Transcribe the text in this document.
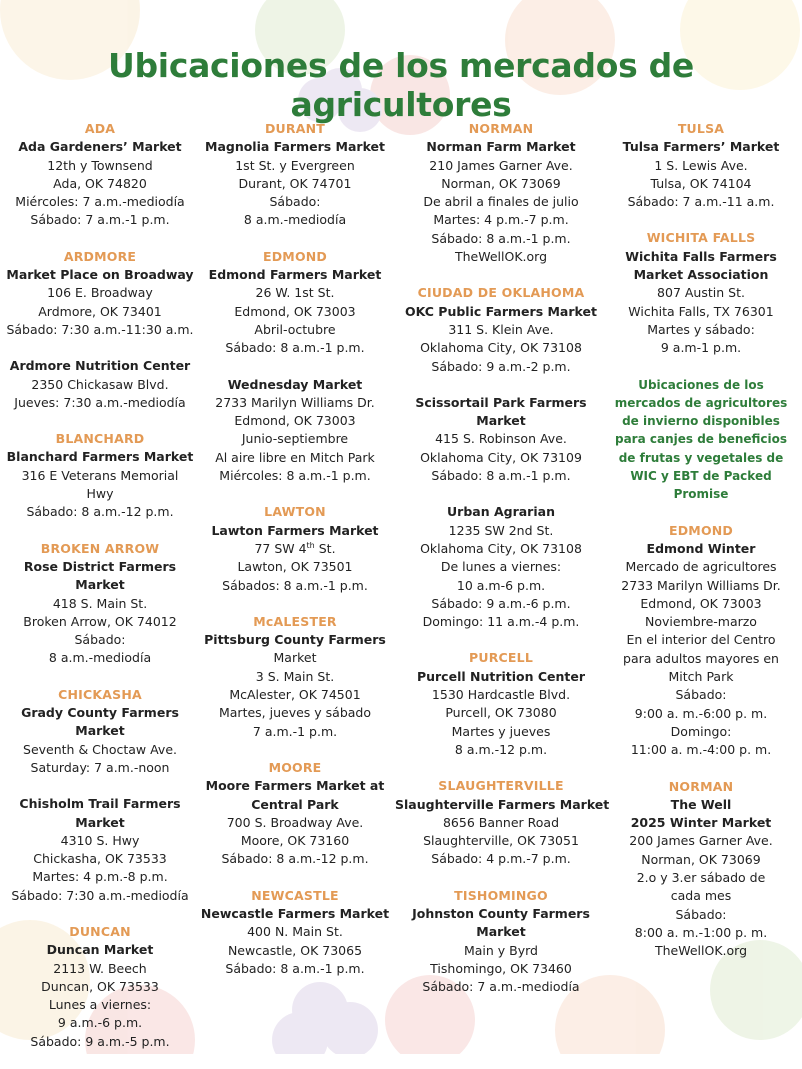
Ubicaciones de los mercados de agricultores
ADA
Ada Gardeners’ Market
12th y Townsend
Ada, OK 74820
Miércoles: 7 a.m.-mediodía
Sábado: 7 a.m.-1 p.m.
ARDMORE
Market Place on Broadway
106 E. Broadway
Ardmore, OK 73401
Sábado: 7:30 a.m.-11:30 a.m.
Ardmore Nutrition Center
2350 Chickasaw Blvd.
Jueves: 7:30 a.m.-mediodía
BLANCHARD
Blanchard Farmers Market
316 E Veterans Memorial
Hwy
Sábado: 8 a.m.-12 p.m.
BROKEN ARROW
Rose District Farmers
Market
418 S. Main St.
Broken Arrow, OK 74012
Sábado:
8 a.m.-mediodía
CHICKASHA
Grady County Farmers
Market
Seventh & Choctaw Ave.
Saturday: 7 a.m.-noon
Chisholm Trail Farmers
Market
4310 S. Hwy
Chickasha, OK 73533
Martes: 4 p.m.-8 p.m.
Sábado: 7:30 a.m.-mediodía
DUNCAN
Duncan Market
2113 W. Beech
Duncan, OK 73533
Lunes a viernes:
9 a.m.-6 p.m.
Sábado: 9 a.m.-5 p.m.
DURANT
Magnolia Farmers Market
1st St. y Evergreen
Durant, OK 74701
Sábado:
8 a.m.-mediodía
EDMOND
Edmond Farmers Market
26 W. 1st St.
Edmond, OK 73003
Abril-octubre
Sábado: 8 a.m.-1 p.m.
Wednesday Market
2733 Marilyn Williams Dr.
Edmond, OK 73003
Junio-septiembre
Al aire libre en Mitch Park
Miércoles: 8 a.m.-1 p.m.
LAWTON
Lawton Farmers Market
77 SW 4th St.
Lawton, OK 73501
Sábados: 8 a.m.-1 p.m.
McALESTER
Pittsburg County Farmers
Market
3 S. Main St.
McAlester, OK 74501
Martes, jueves y sábado
7 a.m.-1 p.m.
MOORE
Moore Farmers Market at
Central Park
700 S. Broadway Ave.
Moore, OK 73160
Sábado: 8 a.m.-12 p.m.
NEWCASTLE
Newcastle Farmers Market
400 N. Main St.
Newcastle, OK 73065
Sábado: 8 a.m.-1 p.m.
NORMAN
Norman Farm Market
210 James Garner Ave.
Norman, OK 73069
De abril a finales de julio
Martes: 4 p.m.-7 p.m.
Sábado: 8 a.m.-1 p.m.
TheWellOK.org
CIUDAD DE OKLAHOMA
OKC Public Farmers Market
311 S. Klein Ave.
Oklahoma City, OK 73108
Sábado: 9 a.m.-2 p.m.
Scissortail Park Farmers
Market
415 S. Robinson Ave.
Oklahoma City, OK 73109
Sábado: 8 a.m.-1 p.m.
Urban Agrarian
1235 SW 2nd St.
Oklahoma City, OK 73108
De lunes a viernes:
10 a.m-6 p.m.
Sábado: 9 a.m.-6 p.m.
Domingo: 11 a.m.-4 p.m.
PURCELL
Purcell Nutrition Center
1530 Hardcastle Blvd.
Purcell, OK 73080
Martes y jueves
8 a.m.-12 p.m.
SLAUGHTERVILLE
Slaughterville Farmers Market
8656 Banner Road
Slaughterville, OK 73051
Sábado: 4 p.m.-7 p.m.
TISHOMINGO
Johnston County Farmers
Market
Main y Byrd
Tishomingo, OK 73460
Sábado: 7 a.m.-mediodía
TULSA
Tulsa Farmers’ Market
1 S. Lewis Ave.
Tulsa, OK 74104
Sábado: 7 a.m.-11 a.m.
WICHITA FALLS
Wichita Falls Farmers
Market Association
807 Austin St.
Wichita Falls, TX 76301
Martes y sábado:
9 a.m-1 p.m.
Ubicaciones de los mercados de agricultores de invierno disponibles para canjes de beneficios de frutas y vegetales de WIC y EBT de Packed Promise
EDMOND
Edmond Winter
Mercado de agricultores
2733 Marilyn Williams Dr.
Edmond, OK 73003
Noviembre-marzo
En el interior del Centro
para adultos mayores en
Mitch Park
Sábado:
9:00 a. m.-6:00 p. m.
Domingo:
11:00 a. m.-4:00 p. m.
NORMAN
The Well
2025 Winter Market
200 James Garner Ave.
Norman, OK 73069
2.o y 3.er sábado de
cada mes
Sábado:
8:00 a. m.-1:00 p. m.
TheWellOK.org
